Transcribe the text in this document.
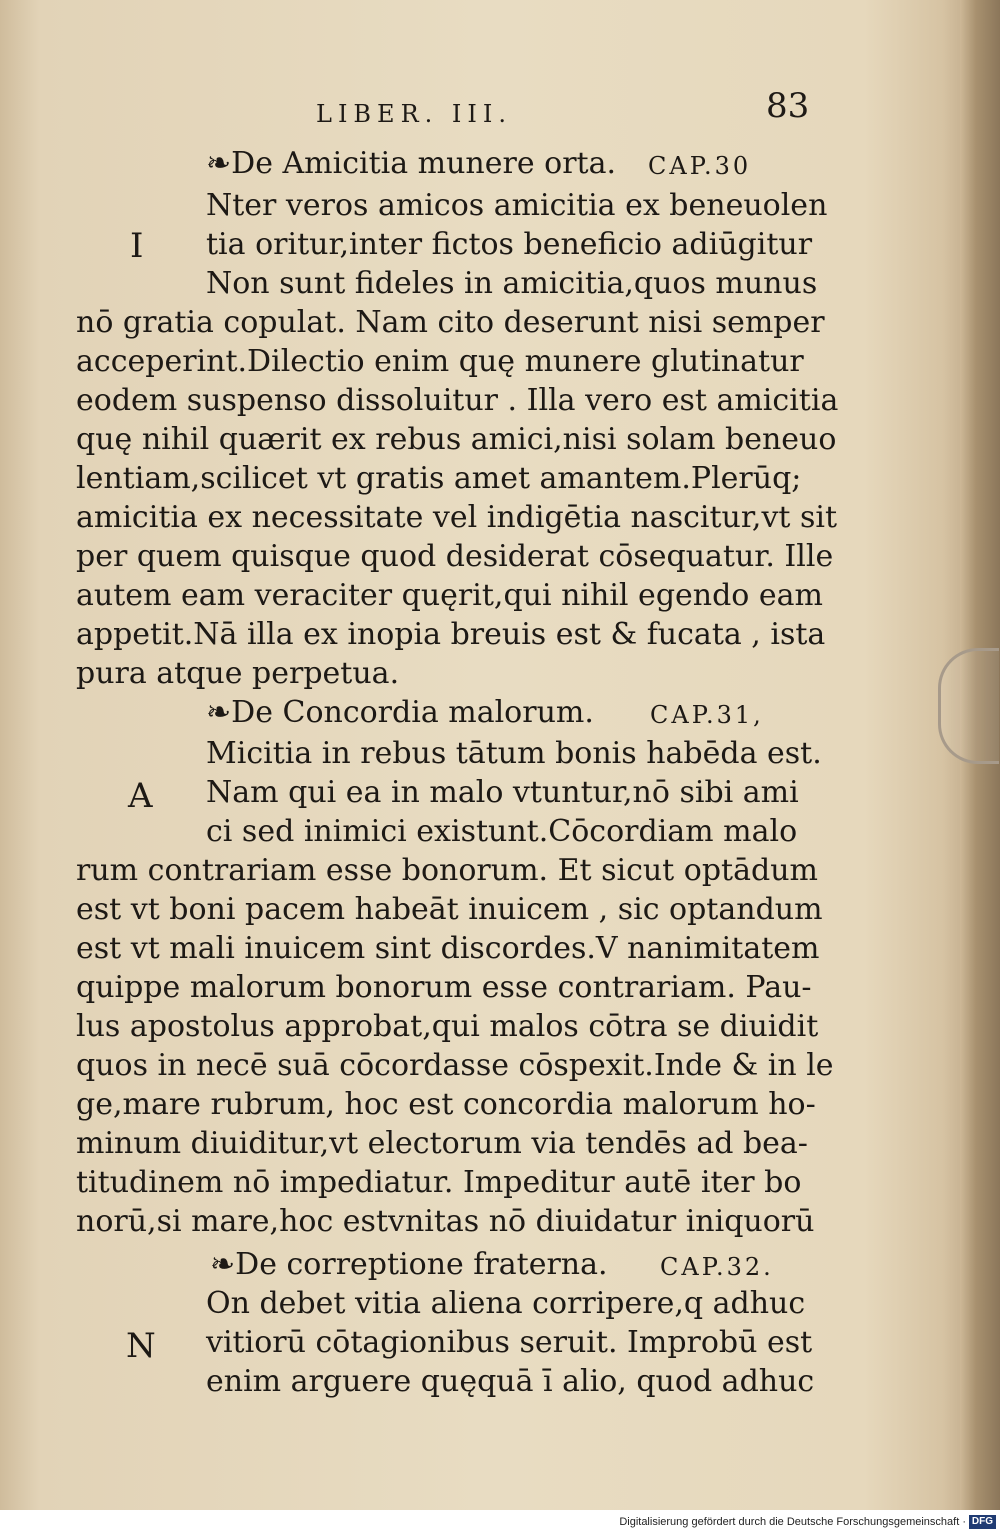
LIBER. III.	83
❧De Amicitia munere orta. CAP.30
I
Nter veros amicos amicitia ex beneuolen
tia oritur,inter fictos beneficio adiūgitur
Non sunt fideles in amicitia,quos munus
nō gratia copulat. Nam cito deserunt nisi semper
acceperint.Dilectio enim quę munere glutinatur
eodem suspenso dissoluitur . Illa vero est amicitia
quę nihil quærit ex rebus amici,nisi solam beneuo
lentiam,scilicet vt gratis amet amantem.Plerūq;
amicitia ex necessitate vel indigētia nascitur,vt sit
per quem quisque quod desiderat cōsequatur. Ille
autem eam veraciter quęrit,qui nihil egendo eam
appetit.Nā illa ex inopia breuis est & fucata , ista
pura atque perpetua.
❧De Concordia malorum. CAP.31,
A
Micitia in rebus tātum bonis habēda est.
Nam qui ea in malo vtuntur,nō sibi ami
ci sed inimici existunt.Cōcordiam malo
rum contrariam esse bonorum. Et sicut optādum
est vt boni pacem habeāt inuicem , sic optandum
est vt mali inuicem sint discordes.V nanimitatem
quippe malorum bonorum esse contrariam. Pau-
lus apostolus approbat,qui malos cōtra se diuidit
quos in necē suā cōcordasse cōspexit.Inde & in le
ge,mare rubrum, hoc est concordia malorum ho-
minum diuiditur,vt electorum via tendēs ad bea-
titudinem nō impediatur. Impeditur autē iter bo
norū,si mare,hoc estvnitas nō diuidatur iniquorū
❧De correptione fraterna. CAP.32.
N
On debet vitia aliena corripere,q adhuc
vitiorū cōtagionibus seruit. Improbū est
enim arguere quęquā ī alio, quod adhuc
Digitalisierung gefördert durch die Deutsche Forschungsgemeinschaft · DFG
